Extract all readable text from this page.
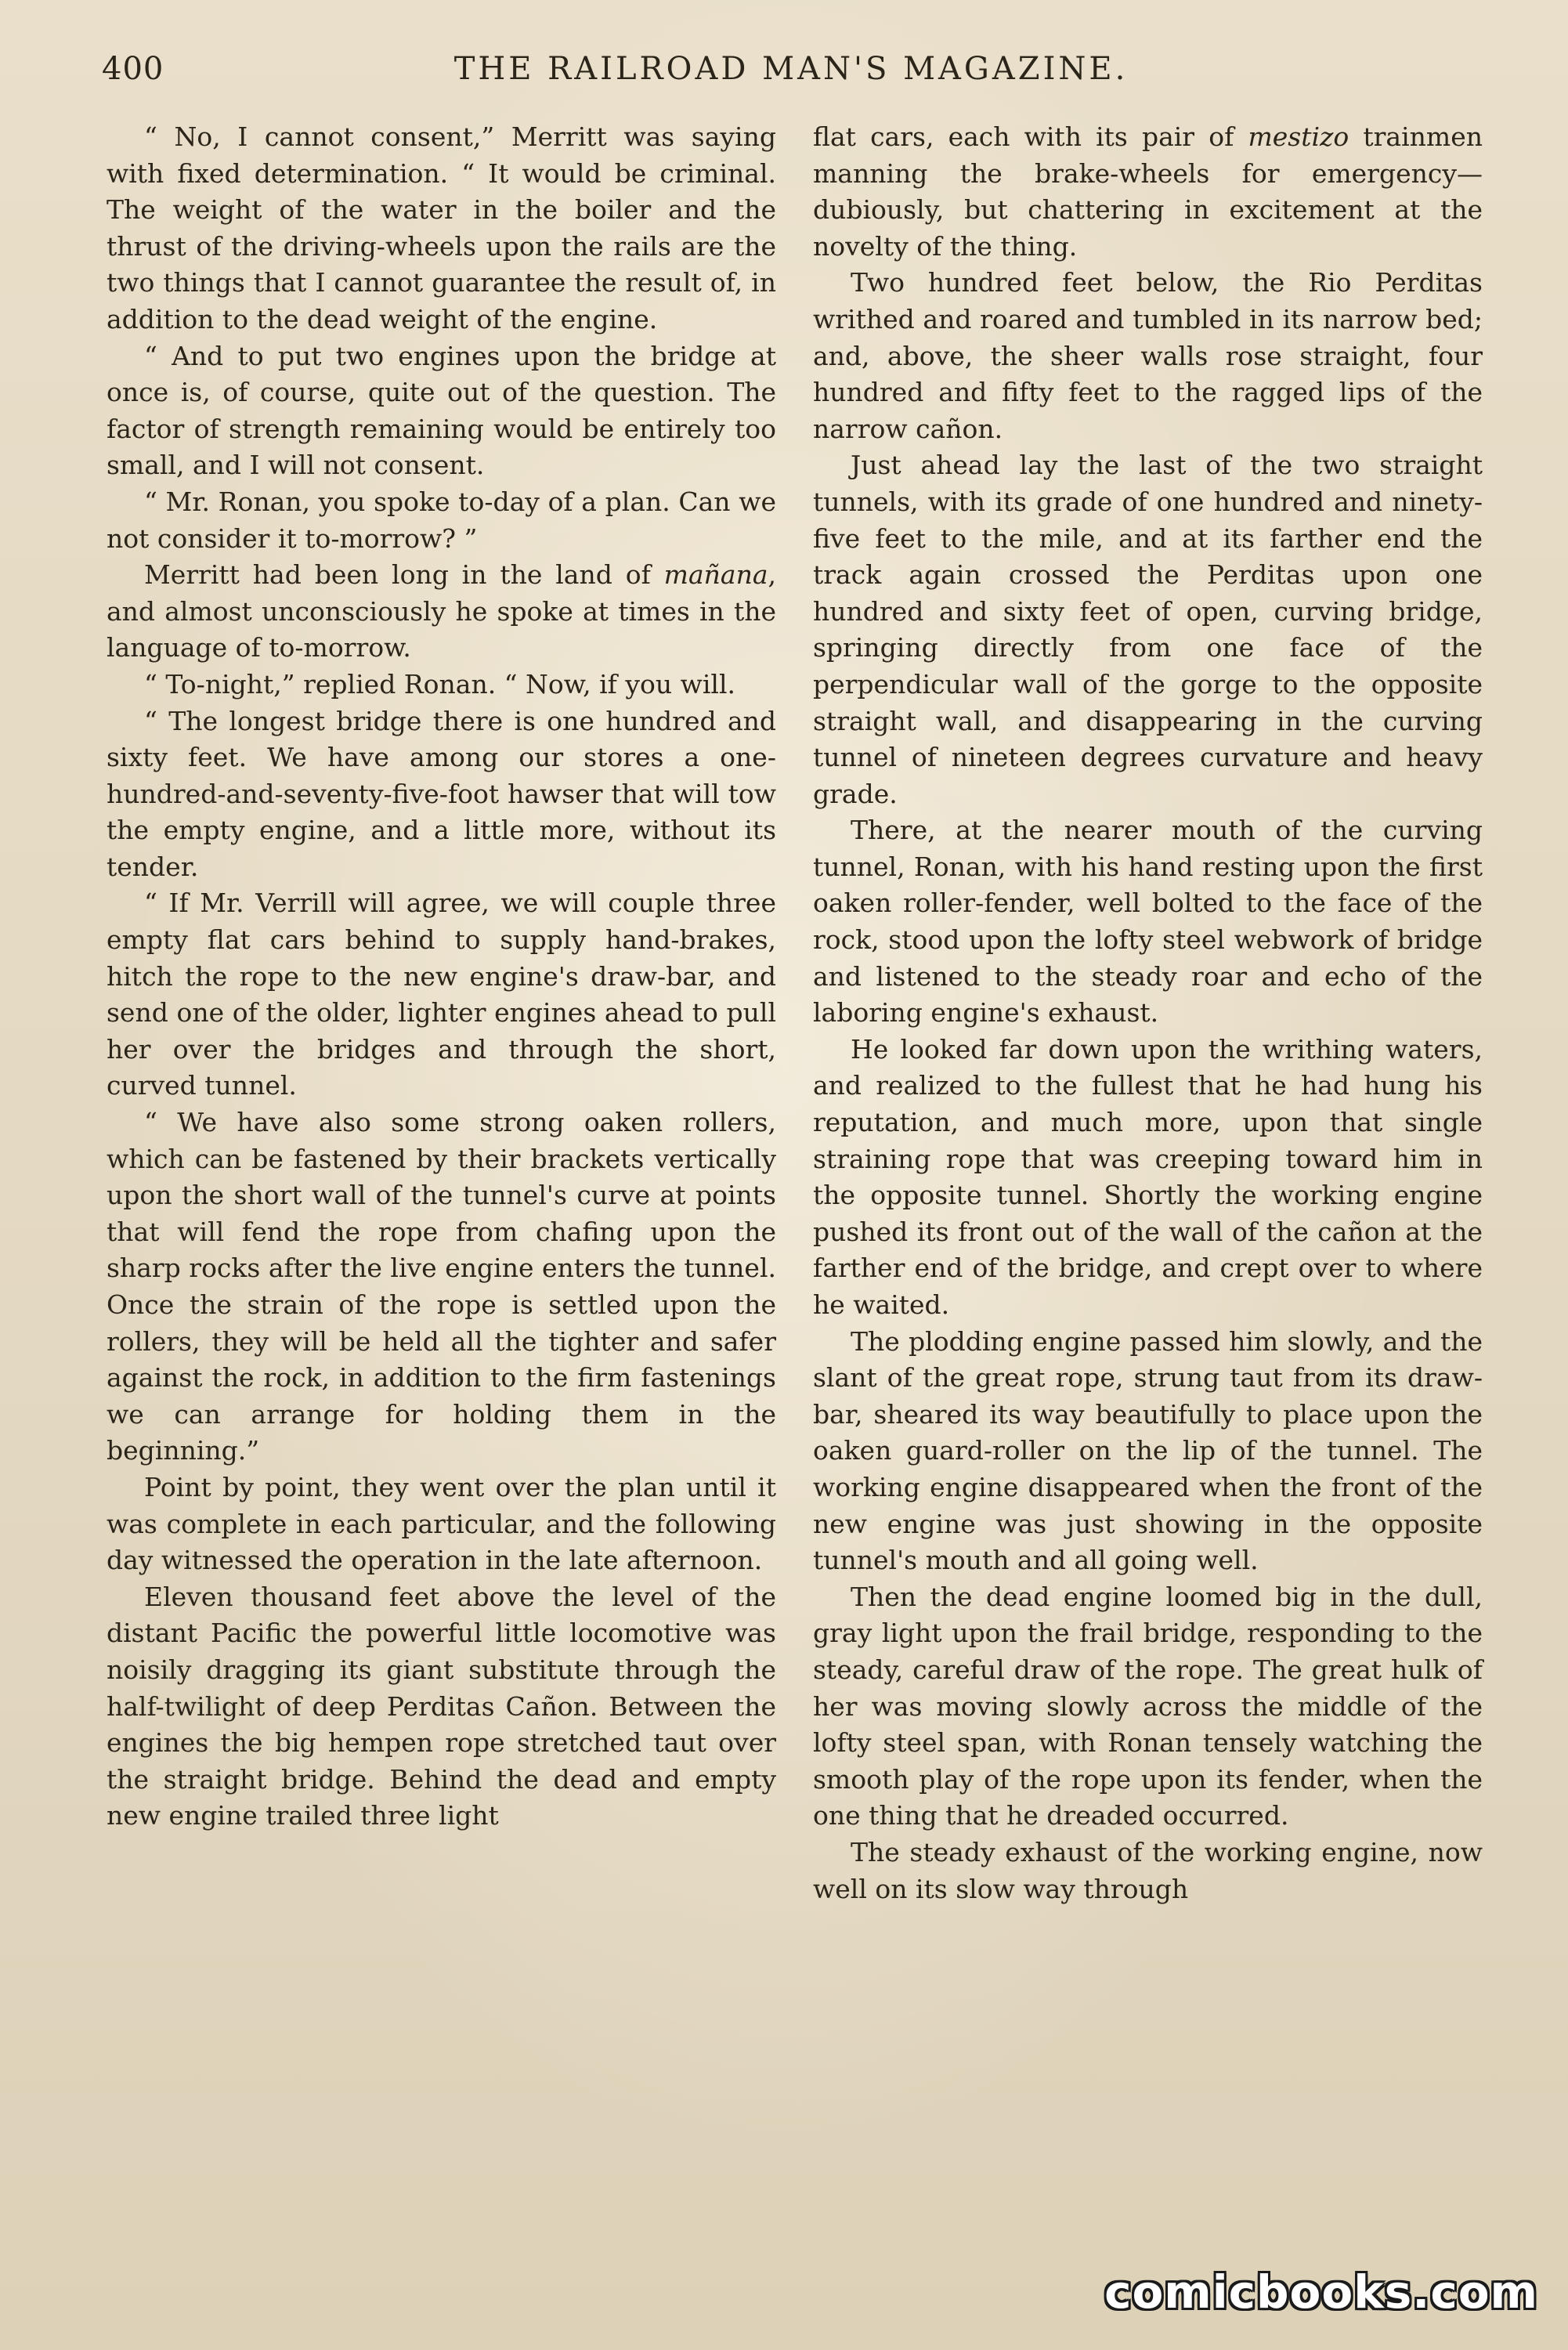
400	THE RAILROAD MAN'S MAGAZINE.

“ No, I cannot consent,” Merritt was saying with fixed determination. “ It would be criminal. The weight of the water in the boiler and the thrust of the driving-wheels upon the rails are the two things that I cannot guarantee the result of, in addition to the dead weight of the engine.

“ And to put two engines upon the bridge at once is, of course, quite out of the question. The factor of strength remaining would be entirely too small, and I will not consent.

“ Mr. Ronan, you spoke to-day of a plan. Can we not consider it to-morrow? ”

Merritt had been long in the land of mañana, and almost unconsciously he spoke at times in the language of to-morrow.

“ To-night,” replied Ronan. “ Now, if you will.

“ The longest bridge there is one hundred and sixty feet. We have among our stores a one-hundred-and-seventy-five-foot hawser that will tow the empty engine, and a little more, without its tender.

“ If Mr. Verrill will agree, we will couple three empty flat cars behind to supply hand-brakes, hitch the rope to the new engine's draw-bar, and send one of the older, lighter engines ahead to pull her over the bridges and through the short, curved tunnel.

“ We have also some strong oaken rollers, which can be fastened by their brackets vertically upon the short wall of the tunnel's curve at points that will fend the rope from chafing upon the sharp rocks after the live engine enters the tunnel. Once the strain of the rope is settled upon the rollers, they will be held all the tighter and safer against the rock, in addition to the firm fastenings we can arrange for holding them in the beginning.”

Point by point, they went over the plan until it was complete in each particular, and the following day witnessed the operation in the late afternoon.

Eleven thousand feet above the level of the distant Pacific the powerful little locomotive was noisily dragging its giant substitute through the half-twilight of deep Perditas Cañon. Between the engines the big hempen rope stretched taut over the straight bridge. Behind the dead and empty new engine trailed three light

flat cars, each with its pair of mestizo trainmen manning the brake-wheels for emergency—dubiously, but chattering in excitement at the novelty of the thing.

Two hundred feet below, the Rio Perditas writhed and roared and tumbled in its narrow bed; and, above, the sheer walls rose straight, four hundred and fifty feet to the ragged lips of the narrow cañon.

Just ahead lay the last of the two straight tunnels, with its grade of one hundred and ninety-five feet to the mile, and at its farther end the track again crossed the Perditas upon one hundred and sixty feet of open, curving bridge, springing directly from one face of the perpendicular wall of the gorge to the opposite straight wall, and disappearing in the curving tunnel of nineteen degrees curvature and heavy grade.

There, at the nearer mouth of the curving tunnel, Ronan, with his hand resting upon the first oaken roller-fender, well bolted to the face of the rock, stood upon the lofty steel webwork of bridge and listened to the steady roar and echo of the laboring engine's exhaust.

He looked far down upon the writhing waters, and realized to the fullest that he had hung his reputation, and much more, upon that single straining rope that was creeping toward him in the opposite tunnel. Shortly the working engine pushed its front out of the wall of the cañon at the farther end of the bridge, and crept over to where he waited.

The plodding engine passed him slowly, and the slant of the great rope, strung taut from its draw-bar, sheared its way beautifully to place upon the oaken guard-roller on the lip of the tunnel. The working engine disappeared when the front of the new engine was just showing in the opposite tunnel's mouth and all going well.

Then the dead engine loomed big in the dull, gray light upon the frail bridge, responding to the steady, careful draw of the rope. The great hulk of her was moving slowly across the middle of the lofty steel span, with Ronan tensely watching the smooth play of the rope upon its fender, when the one thing that he dreaded occurred.

The steady exhaust of the working engine, now well on its slow way through

comicbooks.com
